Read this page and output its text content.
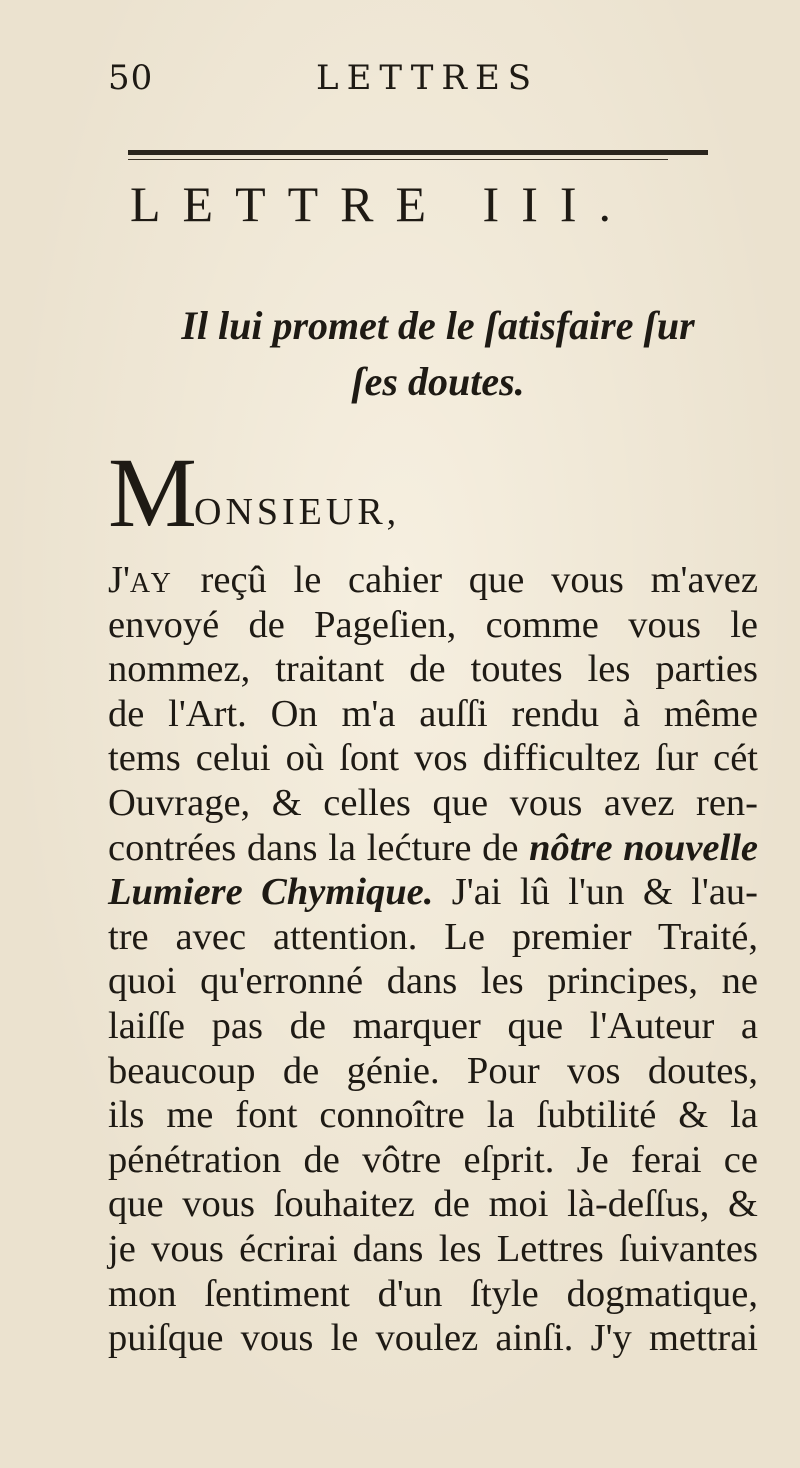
50	LETTRES
LETTRE III.
Il lui promet de le ſatisfaire ſur
ſes doutes.
M
ONSIEUR,
J'AY reçû le cahier que vous m'avez
envoyé de Pageſien, comme vous le
nommez, traitant de toutes les parties
de l'Art. On m'a auſſi rendu à même
tems celui où ſont vos difficultez ſur cét
Ouvrage, & celles que vous avez ren-
contrées dans la lećture de nôtre nouvelle
Lumiere Chymique. J'ai lû l'un & l'au-
tre avec attention. Le premier Traité,
quoi qu'erronné dans les principes, ne
laiſſe pas de marquer que l'Auteur a
beaucoup de génie. Pour vos doutes,
ils me font connoître la ſubtilité & la
pénétration de vôtre eſprit. Je ferai ce
que vous ſouhaitez de moi là-deſſus, &
je vous écrirai dans les Lettres ſuivantes
mon ſentiment d'un ſtyle dogmatique,
puiſque vous le voulez ainſi. J'y mettrai
